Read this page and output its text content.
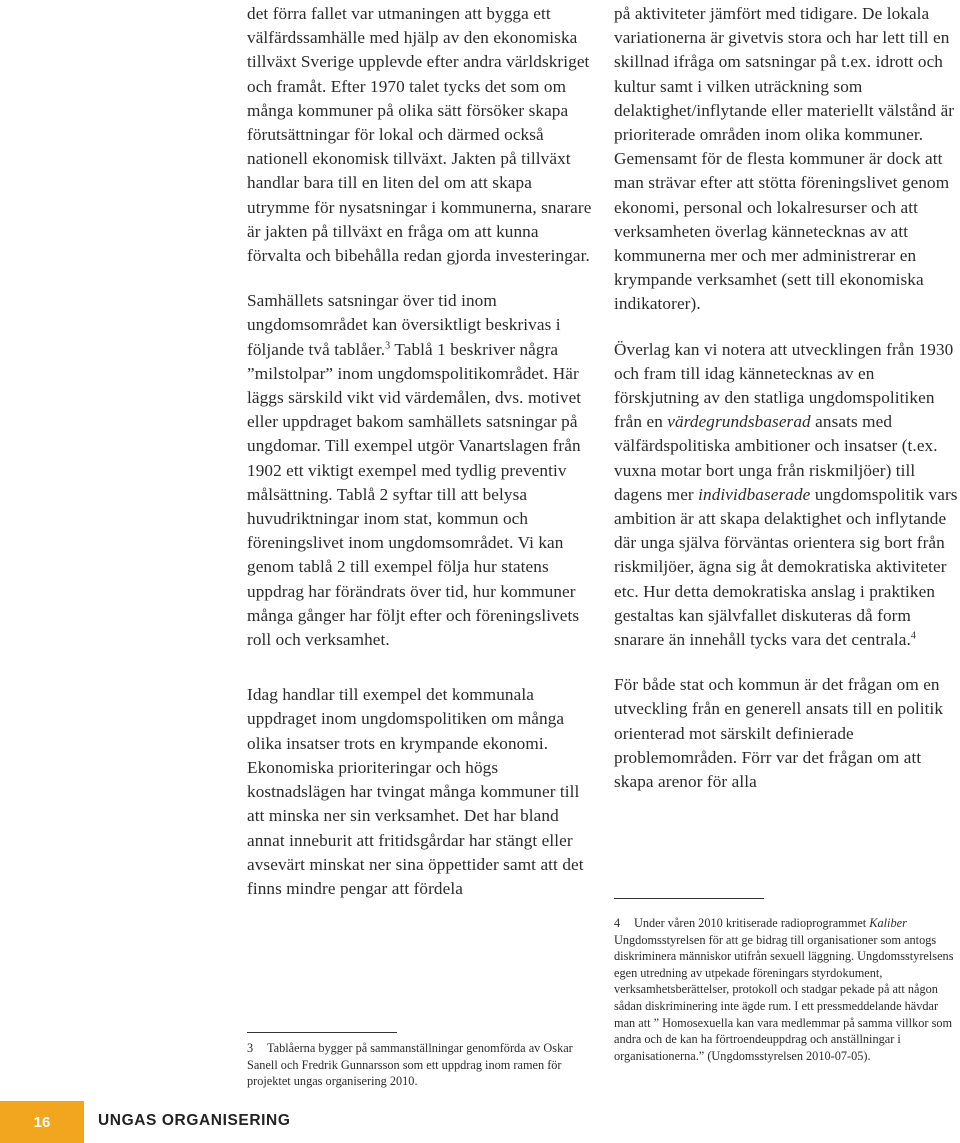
det förra fallet var utmaningen att bygga ett välfärdssamhälle med hjälp av den ekonomiska tillväxt Sverige upplevde efter andra världskriget och framåt. Efter 1970 talet tycks det som om många kommuner på olika sätt försöker skapa förutsättningar för lokal och därmed också nationell ekonomisk tillväxt. Jakten på tillväxt handlar bara till en liten del om att skapa utrymme för nysatsningar i kommunerna, snarare är jakten på tillväxt en fråga om att kunna förvalta och bibehålla redan gjorda investeringar.

Samhällets satsningar över tid inom ungdomsområdet kan översiktligt beskrivas i följande två tablåer.$^3$ Tablå 1 beskriver några ”milstolpar” inom ungdomspolitikområdet. Här läggs särskild vikt vid värdemålen, dvs. motivet eller uppdraget bakom samhällets satsningar på ungdomar. Till exempel utgör Vanartslagen från 1902 ett viktigt exempel med tydlig preventiv målsättning. Tablå 2 syftar till att belysa huvudriktningar inom stat, kommun och föreningslivet inom ungdomsområdet. Vi kan genom tablå 2 till exempel följa hur statens uppdrag har förändrats över tid, hur kommuner många gånger har följt efter och föreningslivets roll och verksamhet.

Idag handlar till exempel det kommunala uppdraget inom ungdomspolitiken om många olika insatser trots en krympande ekonomi. Ekonomiska prioriteringar och högs kostnadslägen har tvingat många kommuner till att minska ner sin verksamhet. Det har bland annat inneburit att fritidsgårdar har stängt eller avsevärt minskat ner sina öppettider samt att det finns mindre pengar att fördela

på aktiviteter jämfört med tidigare. De lokala variationerna är givetvis stora och har lett till en skillnad ifråga om satsningar på t.ex. idrott och kultur samt i vilken uträckning som delaktighet/inflytande eller materiellt välstånd är prioriterade områden inom olika kommuner. Gemensamt för de flesta kommuner är dock att man strävar efter att stötta föreningslivet genom ekonomi, personal och lokalresurser och att verksamheten överlag kännetecknas av att kommunerna mer och mer administrerar en krympande verksamhet (sett till ekonomiska indikatorer).

Överlag kan vi notera att utvecklingen från 1930 och fram till idag kännetecknas av en förskjutning av den statliga ungdomspolitiken från en värdegrundsbaserad ansats med välfärdspolitiska ambitioner och insatser (t.ex. vuxna motar bort unga från riskmiljöer) till dagens mer individbaserade ungdomspolitik vars ambition är att skapa delaktighet och inflytande där unga själva förväntas orientera sig bort från riskmiljöer, ägna sig åt demokratiska aktiviteter etc. Hur detta demokratiska anslag i praktiken gestaltas kan självfallet diskuteras då form snarare än innehåll tycks vara det centrala.$^4$

För både stat och kommun är det frågan om en utveckling från en generell ansats till en politik orienterad mot särskilt definierade problemområden. Förr var det frågan om att skapa arenor för alla

3 Tablåerna bygger på sammanställningar genomförda av Oskar Sanell och Fredrik Gunnarsson som ett uppdrag inom ramen för projektet ungas organisering 2010.

4 Under våren 2010 kritiserade radioprogrammet Kaliber Ungdomsstyrelsen för att ge bidrag till organisationer som antogs diskriminera människor utifrån sexuell läggning. Ungdomsstyrelsens egen utredning av utpekade föreningars styrdokument, verksamhetsberättelser, protokoll och stadgar pekade på att någon sådan diskriminering inte ägde rum. I ett pressmeddelande hävdar man att ” Homosexuella kan vara medlemmar på samma villkor som andra och de kan ha förtroendeuppdrag och anställningar i organisationerna.” (Ungdomsstyrelsen 2010-07-05).

16	UNGAS ORGANISERING
